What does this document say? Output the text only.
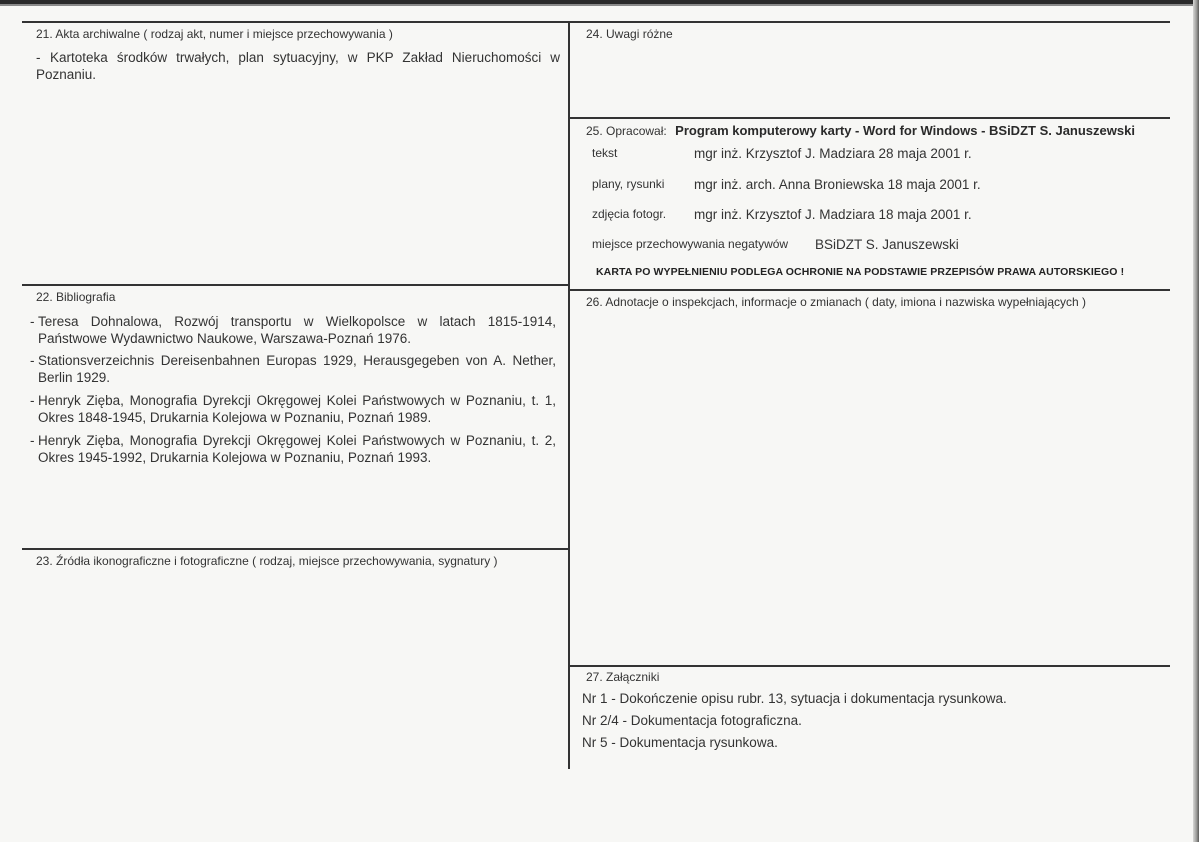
21. Akta archiwalne ( rodzaj akt, numer i miejsce przechowywania )
- Kartoteka środków trwałych, plan sytuacyjny, w PKP Zakład Nieruchomości w Poznaniu.
22. Bibliografia
- Teresa Dohnalowa, Rozwój transportu w Wielkopolsce w latach 1815-1914, Państwowe Wydawnictwo Naukowe, Warszawa-Poznań 1976.
- Stationsverzeichnis Dereisenbahnen Europas 1929, Herausgegeben von A. Nether, Berlin 1929.
- Henryk Zięba, Monografia Dyrekcji Okręgowej Kolei Państwowych w Poznaniu, t. 1, Okres 1848-1945, Drukarnia Kolejowa w Poznaniu, Poznań 1989.
- Henryk Zięba, Monografia Dyrekcji Okręgowej Kolei Państwowych w Poznaniu, t. 2, Okres 1945-1992, Drukarnia Kolejowa w Poznaniu, Poznań 1993.
23. Źródła ikonograficzne i fotograficzne ( rodzaj, miejsce przechowywania, sygnatury )
24. Uwagi różne
25. Opracował: Program komputerowy karty - Word for Windows - BSiDZT S. Januszewski
tekst	mgr inż. Krzysztof J. Madziara 28 maja 2001 r.
plany, rysunki mgr inż. arch. Anna Broniewska 18 maja 2001 r.
zdjęcia fotogr. mgr inż. Krzysztof J. Madziara 18 maja 2001 r.
miejsce przechowywania negatywów BSiDZT S. Januszewski
KARTA PO WYPEŁNIENIU PODLEGA OCHRONIE NA PODSTAWIE PRZEPISÓW PRAWA AUTORSKIEGO !
26. Adnotacje o inspekcjach, informacje o zmianach ( daty, imiona i nazwiska wypełniających )
27. Załączniki
Nr 1 - Dokończenie opisu rubr. 13, sytuacja i dokumentacja rysunkowa.
Nr 2/4 - Dokumentacja fotograficzna.
Nr 5 - Dokumentacja rysunkowa.
